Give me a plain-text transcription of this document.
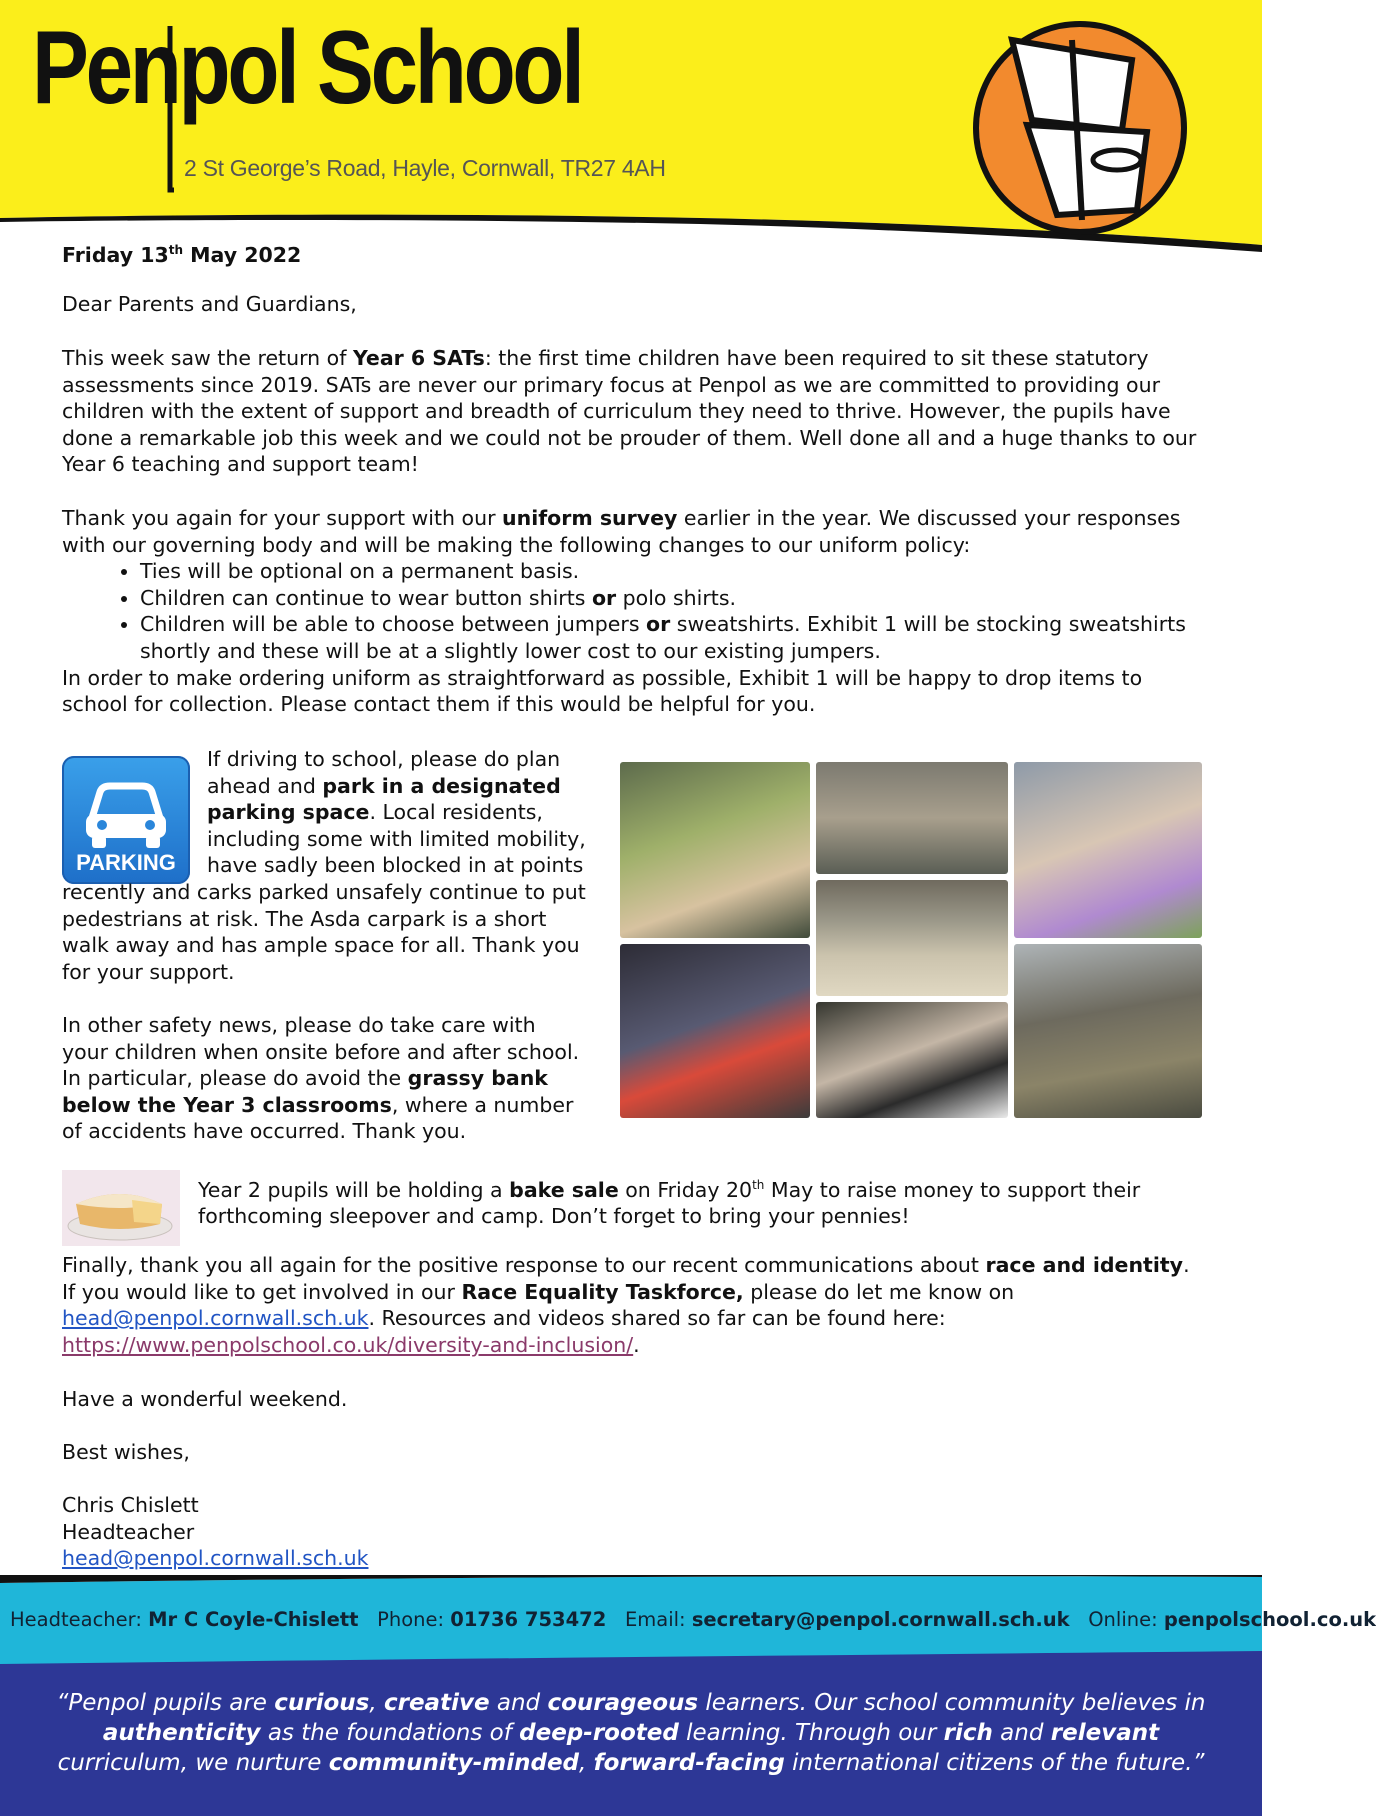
Penpol School
2 St George’s Road, Hayle, Cornwall, TR27 4AH

Friday 13th May 2022

Dear Parents and Guardians,

This week saw the return of Year 6 SATs: the first time children have been required to sit these statutory assessments since 2019. SATs are never our primary focus at Penpol as we are committed to providing our children with the extent of support and breadth of curriculum they need to thrive. However, the pupils have done a remarkable job this week and we could not be prouder of them. Well done all and a huge thanks to our Year 6 teaching and support team!

Thank you again for your support with our uniform survey earlier in the year. We discussed your responses with our governing body and will be making the following changes to our uniform policy:

• Ties will be optional on a permanent basis.
• Children can continue to wear button shirts or polo shirts.
• Children will be able to choose between jumpers or sweatshirts. Exhibit 1 will be stocking sweatshirts shortly and these will be at a slightly lower cost to our existing jumpers.

In order to make ordering uniform as straightforward as possible, Exhibit 1 will be happy to drop items to school for collection. Please contact them if this would be helpful for you.

PARKING

If driving to school, please do plan ahead and park in a designated parking space. Local residents, including some with limited mobility, have sadly been blocked in at points recently and carks parked unsafely continue to put pedestrians at risk. The Asda carpark is a short walk away and has ample space for all. Thank you for your support.

In other safety news, please do take care with your children when onsite before and after school. In particular, please do avoid the grassy bank below the Year 3 classrooms, where a number of accidents have occurred. Thank you.

Year 2 pupils will be holding a bake sale on Friday 20th May to raise money to support their forthcoming sleepover and camp. Don’t forget to bring your pennies!

Finally, thank you all again for the positive response to our recent communications about race and identity. If you would like to get involved in our Race Equality Taskforce, please do let me know on head@penpol.cornwall.sch.uk. Resources and videos shared so far can be found here: https://www.penpolschool.co.uk/diversity-and-inclusion/.

Have a wonderful weekend.

Best wishes,

Chris Chislett

Headteacher

head@penpol.cornwall.sch.uk

Headteacher: Mr C Coyle-Chislett Phone: 01736 753472 Email: secretary@penpol.cornwall.sch.uk Online: penpolschool.co.uk
“Penpol pupils are curious, creative and courageous learners. Our school community believes in authenticity as the foundations of deep-rooted learning. Through our rich and relevant curriculum, we nurture community-minded, forward-facing international citizens of the future.”
